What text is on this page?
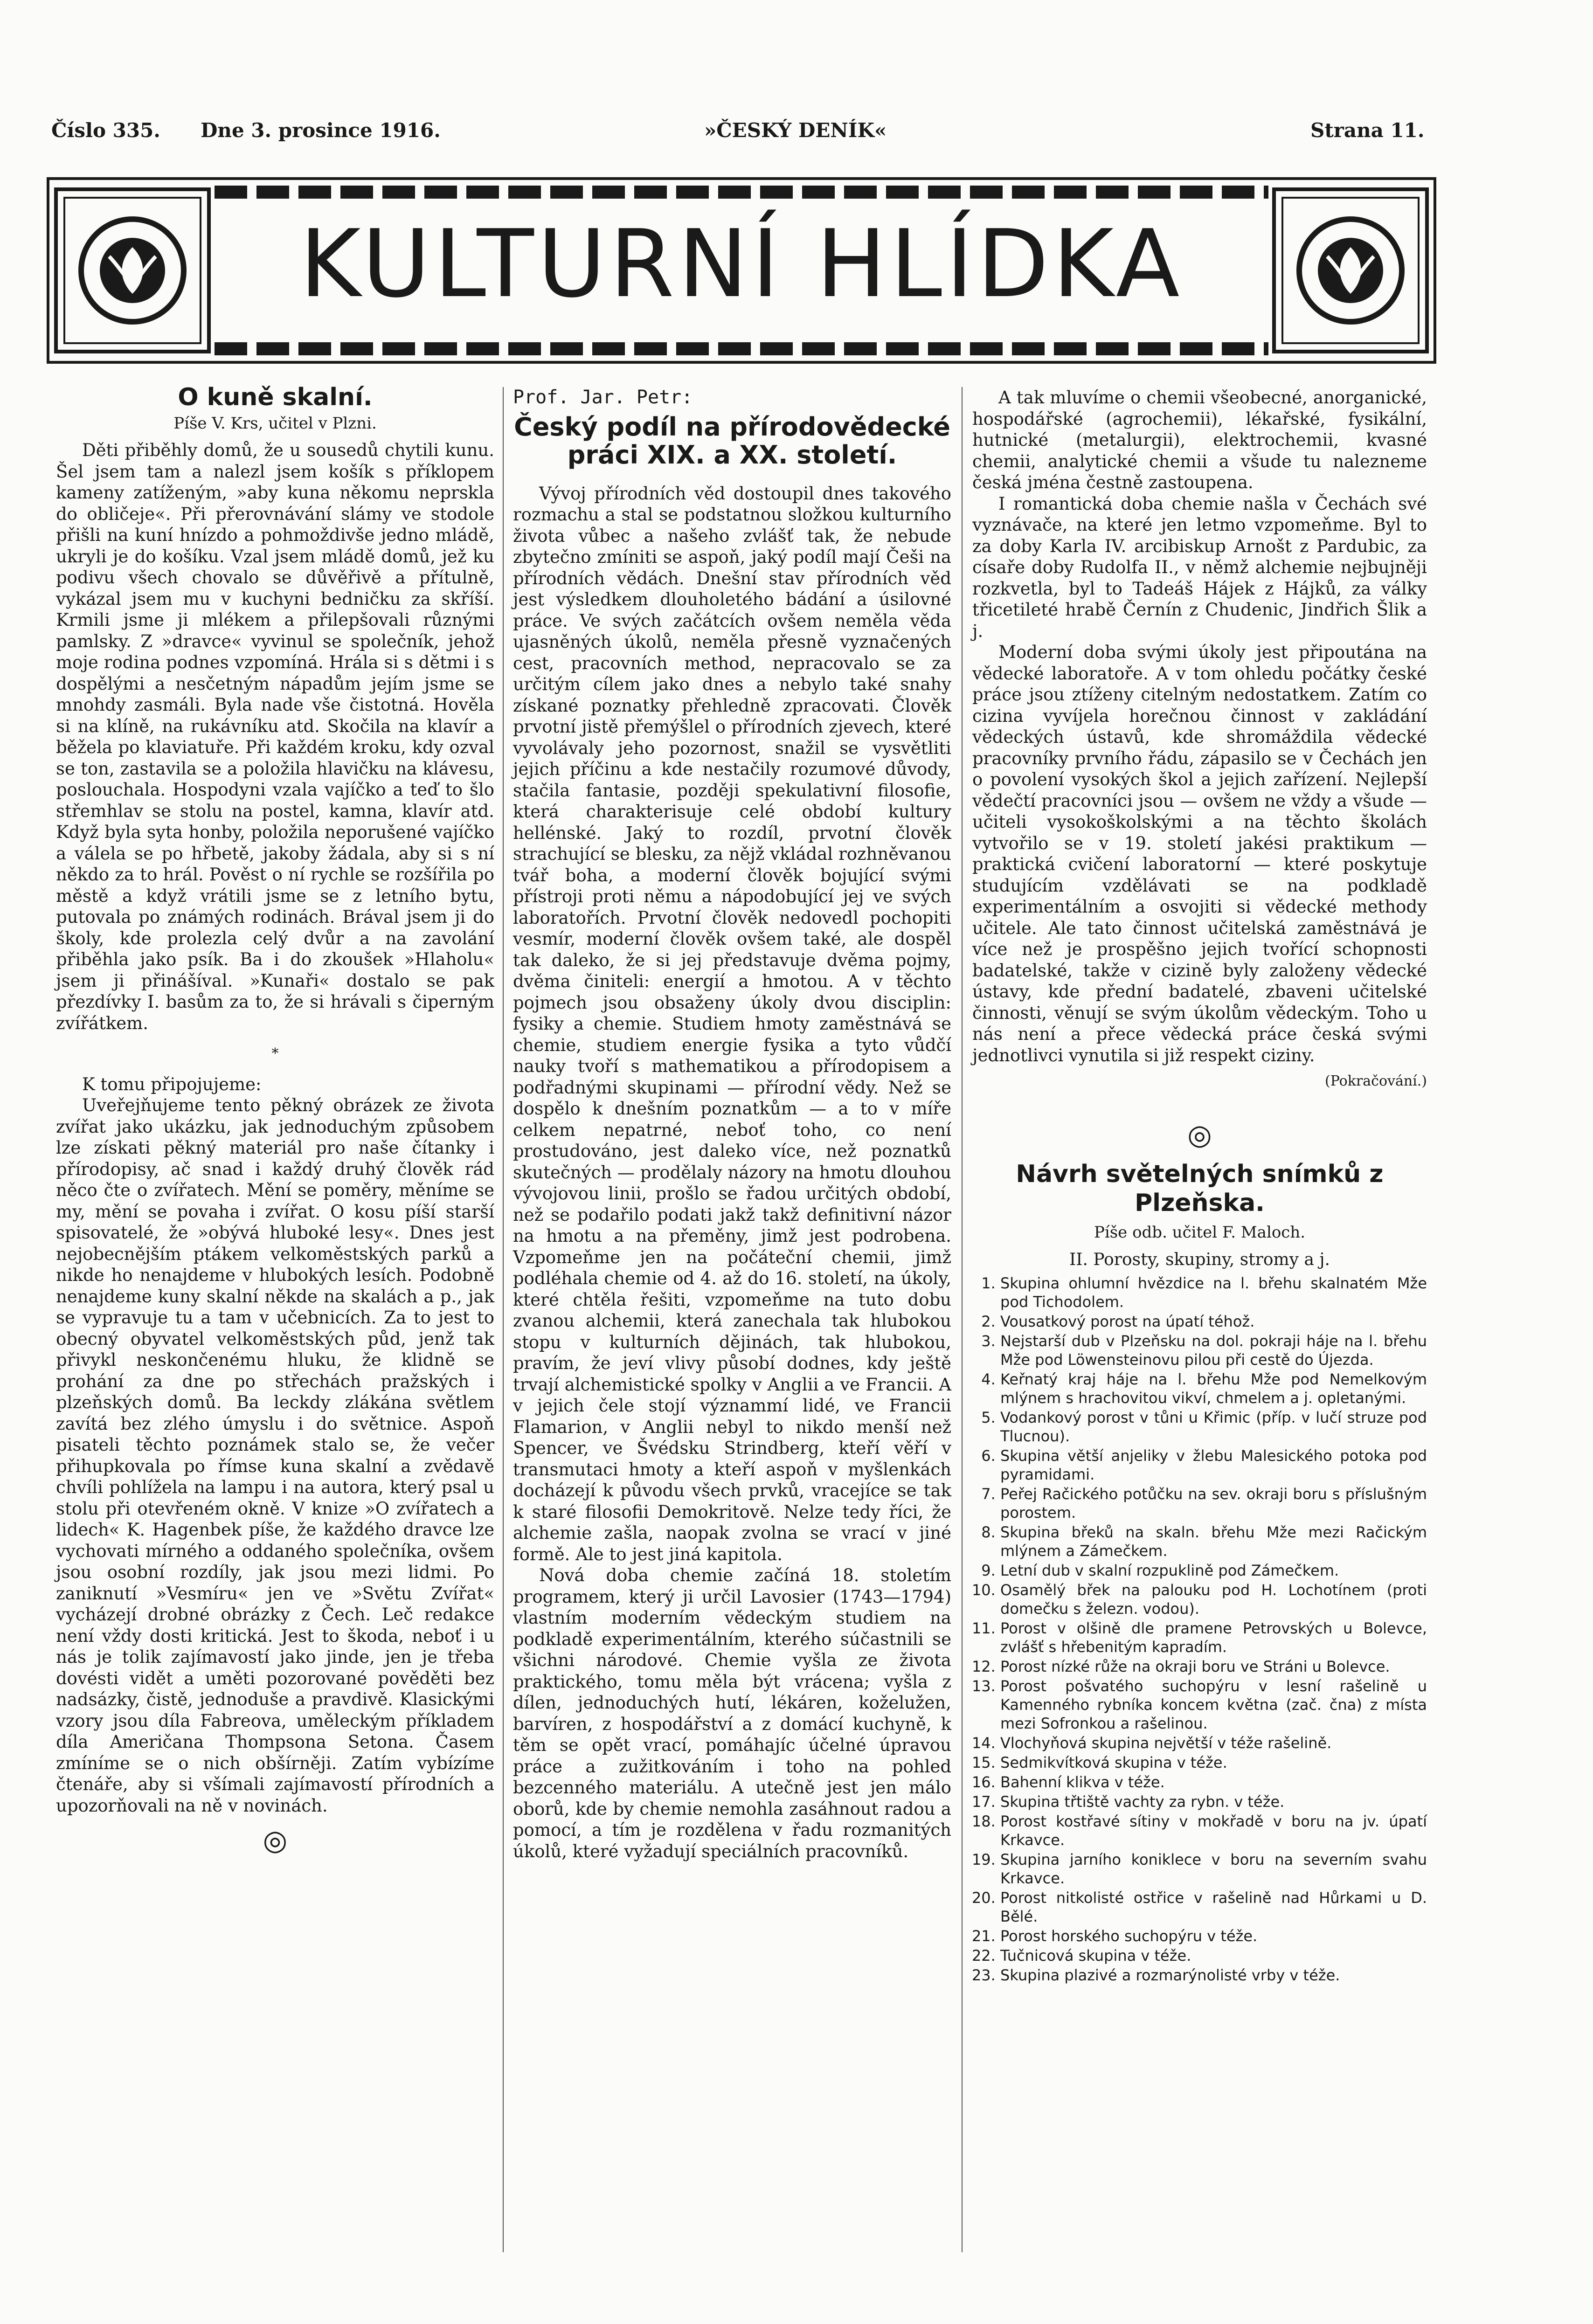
Číslo 335. Dne 3. prosince 1916.	»ČESKÝ DENÍK«	Strana 11.
KULTURNÍ HLÍDKA
O kuně skalní.
Píše V. Krs, učitel v Plzni.

Děti přiběhly domů, že u sousedů chytili kunu. Šel jsem tam a nalezl jsem košík s příklopem kameny zatíženým, »aby kuna někomu neprskla do obličeje«. Při přerovnávání slámy ve stodole přišli na kuní hnízdo a pohmoždivše jedno mládě, ukryli je do košíku. Vzal jsem mládě domů, jež ku podivu všech chovalo se důvěřivě a přítulně, vykázal jsem mu v kuchyni bedničku za skříší. Krmili jsme ji mlékem a přilepšovali různými pamlsky. Z »dravce« vyvinul se společník, jehož moje rodina podnes vzpomíná. Hrála si s dětmi i s dospělými a nesčetným nápadům jejím jsme se mnohdy zasmáli. Byla nade vše čistotná. Hověla si na klíně, na rukávníku atd. Skočila na klavír a běžela po klaviatuře. Při každém kroku, kdy ozval se ton, zastavila se a položila hlavičku na klávesu, poslouchala. Hospodyni vzala vajíčko a teď to šlo střemhlav se stolu na postel, kamna, klavír atd. Když byla syta honby, položila neporušené vajíčko a válela se po hřbetě, jakoby žádala, aby si s ní někdo za to hrál. Pověst o ní rychle se rozšířila po městě a když vrátili jsme se z letního bytu, putovala po známých rodinách. Brával jsem ji do školy, kde prolezla celý dvůr a na zavolání přiběhla jako psík. Ba i do zkoušek »Hlaholu« jsem ji přinášíval. »Kunaři« dostalo se pak přezdívky I. basům za to, že si hrávali s čiperným zvířátkem.

*

K tomu připojujeme:

Uveřejňujeme tento pěkný obrázek ze života zvířat jako ukázku, jak jednoduchým způsobem lze získati pěkný materiál pro naše čítanky i přírodopisy, ač snad i každý druhý člověk rád něco čte o zvířatech. Mění se poměry, měníme se my, mění se povaha i zvířat. O kosu píší starší spisovatelé, že »obývá hluboké lesy«. Dnes jest nejobecnějším ptákem velkoměstských parků a nikde ho nenajdeme v hlubokých lesích. Podobně nenajdeme kuny skalní někde na skalách a p., jak se vypravuje tu a tam v učebnicích. Za to jest to obecný obyvatel velkoměstských půd, jenž tak přivykl neskončenému hluku, že klidně se prohání za dne po střechách pražských i plzeňských domů. Ba leckdy zlákána světlem zavítá bez zlého úmyslu i do světnice. Aspoň pisateli těchto poznámek stalo se, že večer přihupkovala po římse kuna skalní a zvědavě chvíli pohlížela na lampu i na autora, který psal u stolu při otevřeném okně. V knize »O zvířatech a lidech« K. Hagenbek píše, že každého dravce lze vychovati mírného a oddaného společníka, ovšem jsou osobní rozdíly, jak jsou mezi lidmi. Po zaniknutí »Vesmíru« jen ve »Světu Zvířat« vycházejí drobné obrázky z Čech. Leč redakce není vždy dosti kritická. Jest to škoda, neboť i u nás je tolik zajímavostí jako jinde, jen je třeba dovésti vidět a uměti pozorované pověděti bez nadsázky, čistě, jednoduše a pravdivě. Klasickými vzory jsou díla Fabreova, uměleckým příkladem díla Američana Thompsona Setona. Časem zmíníme se o nich obšírněji. Zatím vybízíme čtenáře, aby si všímali zajímavostí přírodních a upozorňovali na ně v novinách.

◎
Prof. Jar. Petr:
Český podíl na přírodovědecké práci XIX. a XX. století.

Vývoj přírodních věd dostoupil dnes takového rozmachu a stal se podstatnou složkou kulturního života vůbec a našeho zvlášť tak, že nebude zbytečno zmíniti se aspoň, jaký podíl mají Češi na přírodních vědách. Dnešní stav přírodních věd jest výsledkem dlouholetého bádání a úsilovné práce. Ve svých začátcích ovšem neměla věda ujasněných úkolů, neměla přesně vyznačených cest, pracovních method, nepracovalo se za určitým cílem jako dnes a nebylo také snahy získané poznatky přehledně zpracovati. Člověk prvotní jistě přemýšlel o přírodních zjevech, které vyvolávaly jeho pozornost, snažil se vysvětliti jejich příčinu a kde nestačily rozumové důvody, stačila fantasie, později spekulativní filosofie, která charakterisuje celé období kultury hellénské. Jaký to rozdíl, prvotní člověk strachující se blesku, za nějž vkládal rozhněvanou tvář boha, a moderní člověk bojující svými přístroji proti němu a nápodobující jej ve svých laboratořích. Prvotní člověk nedovedl pochopiti vesmír, moderní člověk ovšem také, ale dospěl tak daleko, že si jej představuje dvěma pojmy, dvěma činiteli: energií a hmotou. A v těchto pojmech jsou obsaženy úkoly dvou disciplin: fysiky a chemie. Studiem hmoty zaměstnává se chemie, studiem energie fysika a tyto vůdčí nauky tvoří s mathematikou a přírodopisem a podřadnými skupinami — přírodní vědy. Než se dospělo k dnešním poznatkům — a to v míře celkem nepatrné, neboť toho, co není prostudováno, jest daleko více, než poznatků skutečných — prodělaly názory na hmotu dlouhou vývojovou linii, prošlo se řadou určitých období, než se podařilo podati jakž takž definitivní názor na hmotu a na přeměny, jimž jest podrobena. Vzpomeňme jen na počáteční chemii, jimž podléhala chemie od 4. až do 16. století, na úkoly, které chtěla řešiti, vzpomeňme na tuto dobu zvanou alchemii, která zanechala tak hlubokou stopu v kulturních dějinách, tak hlubokou, pravím, že jeví vlivy působí dodnes, kdy ještě trvají alchemistické spolky v Anglii a ve Francii. A v jejich čele stojí význammí lidé, ve Francii Flamarion, v Anglii nebyl to nikdo menší než Spencer, ve Švédsku Strindberg, kteří věří v transmutaci hmoty a kteří aspoň v myšlenkách docházejí k původu všech prvků, vracejíce se tak k staré filosofii Demokritově. Nelze tedy říci, že alchemie zašla, naopak zvolna se vrací v jiné formě. Ale to jest jiná kapitola.

Nová doba chemie začíná 18. stoletím programem, který ji určil Lavosier (1743—1794) vlastním moderním vědeckým studiem na podkladě experimentálním, kterého súčastnili se všichni národové. Chemie vyšla ze života praktického, tomu měla být vrácena; vyšla z dílen, jednoduchých hutí, lékáren, koželužen, barvíren, z hospodářství a z domácí kuchyně, k těm se opět vrací, pomáhajíc účelné úpravou práce a zužitkováním i toho na pohled bezcenného materiálu. A utečně jest jen málo oborů, kde by chemie nemohla zasáhnout radou a pomocí, a tím je rozdělena v řadu rozmanitých úkolů, které vyžadují speciálních pracovníků.

A tak mluvíme o chemii všeobecné, anorganické, hospodářské (agrochemii), lékařské, fysikální, hutnické (metalurgii), elektrochemii, kvasné chemii, analytické chemii a všude tu nalezneme česká jména čestně zastoupena.

I romantická doba chemie našla v Čechách své vyznávače, na které jen letmo vzpomeňme. Byl to za doby Karla IV. arcibiskup Arnošt z Pardubic, za císaře doby Rudolfa II., v němž alchemie nejbujněji rozkvetla, byl to Tadeáš Hájek z Hájků, za války třicetileté hrabě Černín z Chudenic, Jindřich Šlik a j.

Moderní doba svými úkoly jest připoutána na vědecké laboratoře. A v tom ohledu počátky české práce jsou ztíženy citelným nedostatkem. Zatím co cizina vyvíjela horečnou činnost v zakládání vědeckých ústavů, kde shromáždila vědecké pracovníky prvního řádu, zápasilo se v Čechách jen o povolení vysokých škol a jejich zařízení. Nejlepší vědečtí pracovníci jsou — ovšem ne vždy a všude — učiteli vysokoškolskými a na těchto školách vytvořilo se v 19. století jakési praktikum — praktická cvičení laboratorní — které poskytuje studujícím vzdělávati se na podkladě experimentálním a osvojiti si vědecké methody učitele. Ale tato činnost učitelská zaměstnává je více než je prospěšno jejich tvořící schopnosti badatelské, takže v cizině byly založeny vědecké ústavy, kde přední badatelé, zbaveni učitelské činnosti, věnují se svým úkolům vědeckým. Toho u nás není a přece vědecká práce česká svými jednotlivci vynutila si již respekt ciziny.

(Pokračování.)
◎
Návrh světelných snímků z Plzeňska.
Píše odb. učitel F. Maloch.
II. Porosty, skupiny, stromy a j.
1. Skupina ohlumní hvězdice na l. břehu skalnatém Mže pod Tichodolem.
2. Vousatkový porost na úpatí téhož.
3. Nejstarší dub v Plzeňsku na dol. pokraji háje na l. břehu Mže pod Löwensteinovu pilou při cestě do Újezda.
4. Keřnatý kraj háje na l. břehu Mže pod Nemelkovým mlýnem s hrachovitou vikví, chmelem a j. opletanými.
5. Vodankový porost v tůni u Křimic (příp. v lučí struze pod Tlucnou).
6. Skupina větší anjeliky v žlebu Malesického potoka pod pyramidami.
7. Peřej Račického potůčku na sev. okraji boru s příslušným porostem.
8. Skupina břeků na skaln. břehu Mže mezi Račickým mlýnem a Zámečkem.
9. Letní dub v skalní rozpuklině pod Zámečkem.
10. Osamělý břek na palouku pod H. Lochotínem (proti domečku s železn. vodou).
11. Porost v olšině dle pramene Petrovských u Bolevce, zvlášť s hřebenitým kapradím.
12. Porost nízké růže na okraji boru ve Stráni u Bolevce.
13. Porost pošvatého suchopýru v lesní rašelině u Kamenného rybníka koncem května (zač. čna) z místa mezi Sofronkou a rašelinou.
14. Vlochyňová skupina největší v téže rašelině.
15. Sedmikvítková skupina v téže.
16. Bahenní klikva v téže.
17. Skupina třtiště vachty za rybn. v téže.
18. Porost kostřavé sítiny v mokřadě v boru na jv. úpatí Krkavce.
19. Skupina jarního koniklece v boru na severním svahu Krkavce.
20. Porost nitkolisté ostřice v rašelině nad Hůrkami u D. Bělé.
21. Porost horského suchopýru v téže.
22. Tučnicová skupina v téže.
23. Skupina plazivé a rozmarýnolisté vrby v téže.
